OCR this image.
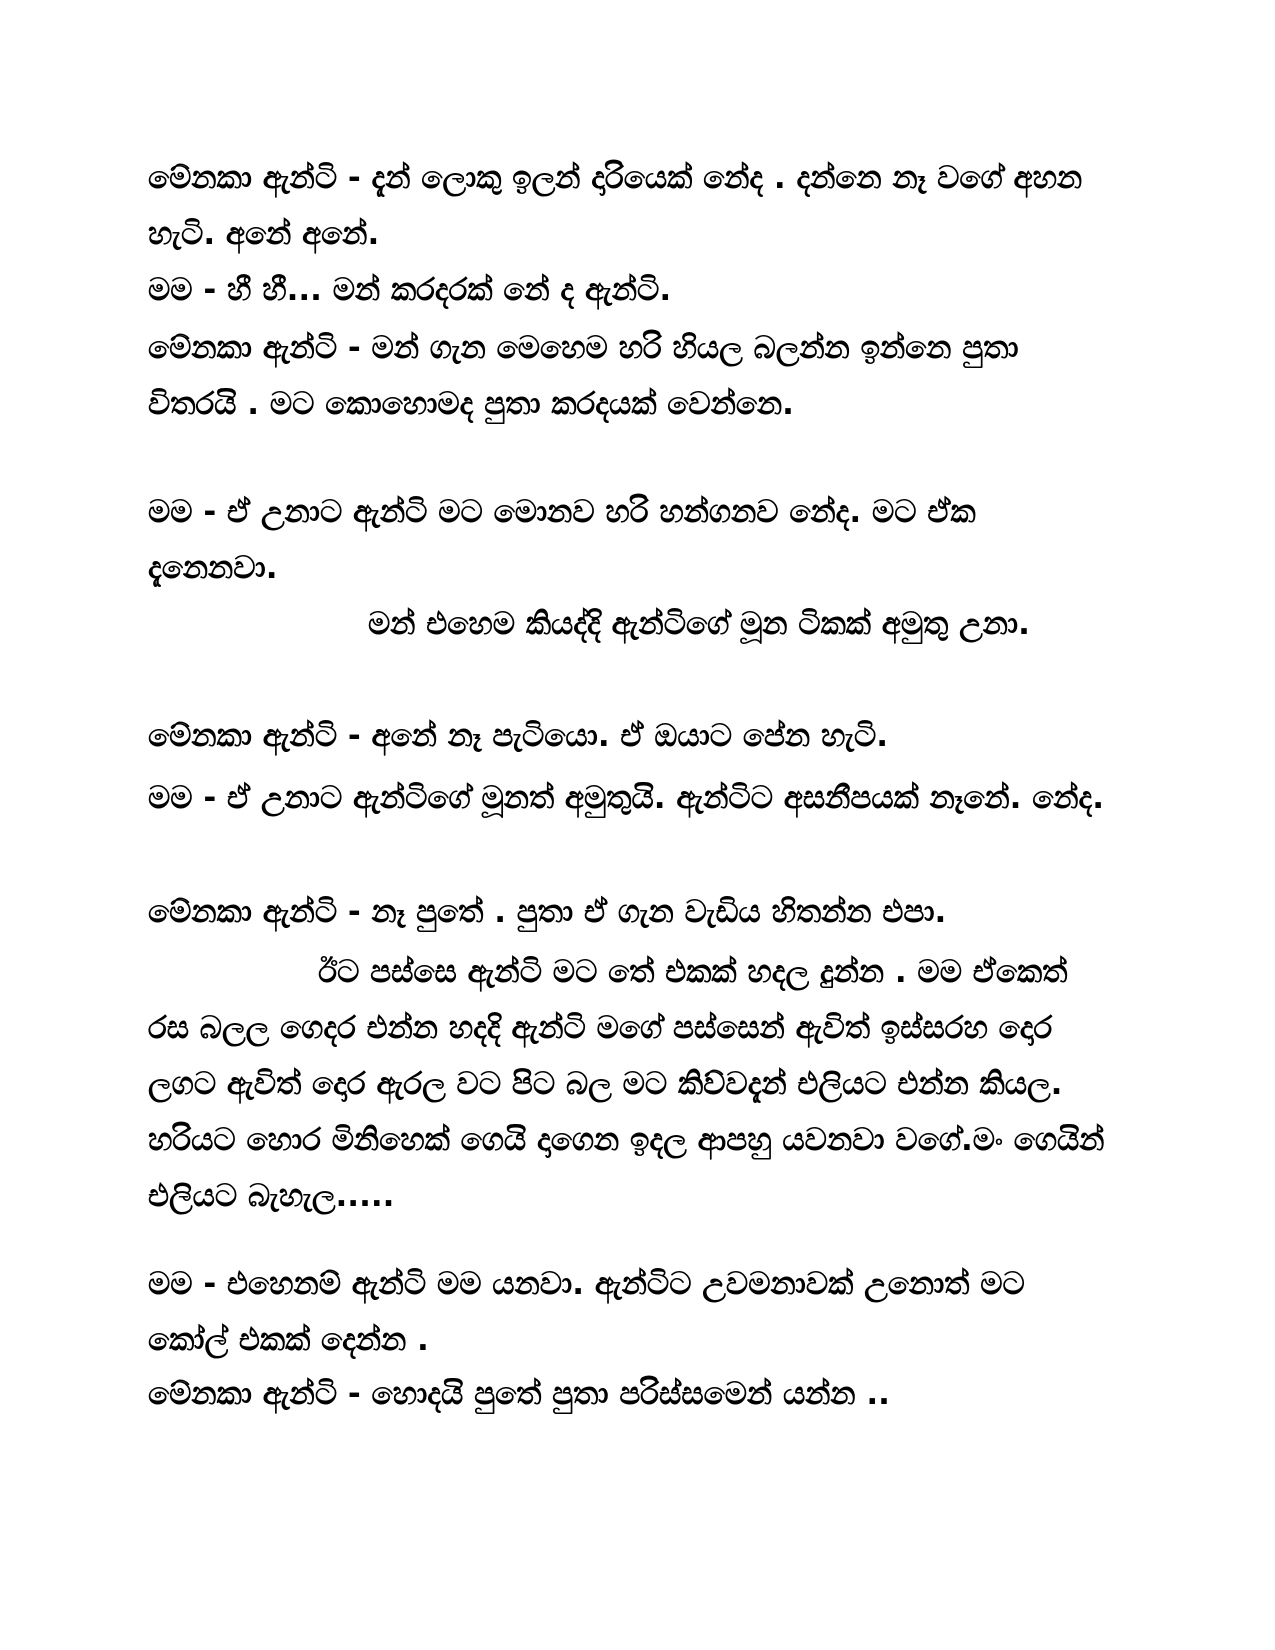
මේනකා ඇන්ටි - දැන් ලොකු ඉලන් දාරියෙක් නේද . දන්නෙ නෑ වගේ අහන හැටි. අනේ අනේ.

මම - හී හී... මන් කරදරක් නේ ද ඇන්ටි.

මේනකා ඇන්ටි - මන් ගැන මෙහෙම හරි හියල බලන්න ඉන්නෙ පුතා විතරයි . මට කොහොමද පුතා කරදයක් වෙන්නෙ.

මම - ඒ උනාට ඇන්ටි මට මොනව හරි හන්ගනව නේද. මට ඒක දැනෙනවා.

මන් එහෙම කියද්දි ඇන්ටිගේ මූන ටිකක් අමුතු උනා.

මේනකා ඇන්ටි - අනේ නෑ පැටියො. ඒ ඔයාට පේන හැටි.

මම - ඒ උනාට ඇන්ටිගේ මූනත් අමුතුයි. ඇන්ටිට අසනීපයක් නෑනේ. නේද.

මේනකා ඇන්ටි - නෑ පුතේ . පුතා ඒ ගැන වැඩිය හිතන්න එපා.

ඊට පස්සෙ ඇන්ටි මට තේ එකක් හදල දුන්න . මම ඒකෙත් රස බලල ගෙදර එන්න හදදි ඇන්ටි මගේ පස්සෙන් ඇවිත් ඉස්සරහ දොර ලගට ඇවිත් දොර ඇරල වට පිට බල මට කිව්වදැන් එලියට එන්න කියල. හරියට හොර මිනිහෙක් ගෙයි දාගෙන ඉදල ආපහු යවනවා වගේ.මං ගෙයින් එලියට බැහැල.....

මම - එහෙනම් ඇන්ටි මම යනවා. ඇන්ටිට උවමනාවක් උනොත් මට කෝල් එකක් දෙන්න .

මේනකා ඇන්ටි - හොදයි පුතේ පුතා පරිස්සමෙන් යන්න ..
